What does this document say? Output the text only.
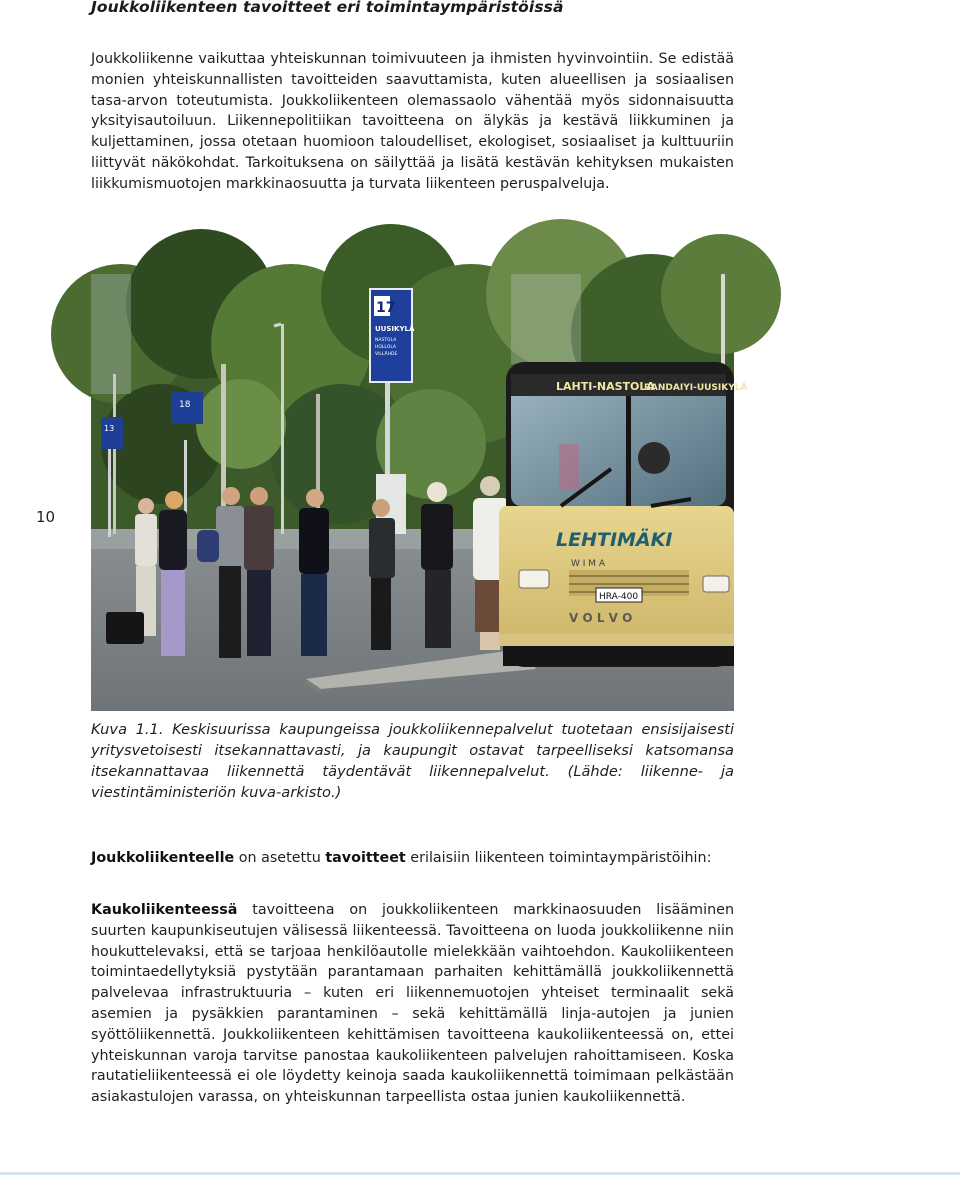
Joukkoliikenteen tavoitteet eri toimintaympäristöissä

Joukkoliikenne vaikuttaa yhteiskunnan toimivuuteen ja ihmisten hyvinvointiin. Se edistää monien yhteiskunnallisten tavoitteiden saavuttamista, kuten alueellisen ja sosiaalisen tasa-arvon toteutumista. Joukkoliikenteen olemassaolo vähentää myös sidonnaisuutta yksityisautoiluun. Liikennepolitiikan tavoitteena on älykäs ja kestävä liikkuminen ja kuljettaminen, jossa otetaan huomioon taloudelliset, ekologiset, sosiaaliset ja kulttuuriin liittyvät näkökohdat. Tarkoituksena on säilyttää ja lisätä kestävän kehityksen mukaisten liikkumismuotojen markkinaosuutta ja turvata liikenteen peruspalveluja.

10
18
13
17
UUSIKYLÄ
NASTOLA
HOLLOLA
VILLÄHDE
LAHTI-NASTOLA
RANDAIYI-UUSIKYLÄ
LEHTIMÄKI
W I M A
HRA-400
V O L V O

Kuva 1.1. Keskisuurissa kaupungeissa joukkoliikennepalvelut tuotetaan ensisijaisesti yritysvetoisesti itsekannattavasti, ja kaupungit ostavat tarpeelliseksi katsomansa itsekannattavaa liikennettä täydentävät liikennepalvelut. (Lähde: liikenne- ja viestintäministeriön kuva-arkisto.)

Joukkoliikenteelle on asetettu tavoitteet erilaisiin liikenteen toimintaympäristöihin:

Kaukoliikenteessä tavoitteena on joukkoliikenteen markkinaosuuden lisääminen suurten kaupunkiseutujen välisessä liikenteessä. Tavoitteena on luoda joukkoliikenne niin houkuttelevaksi, että se tarjoaa henkilöautolle mielekkään vaihtoehdon. Kaukoliikenteen toimintaedellytyksiä pystytään parantamaan parhaiten kehittämällä joukkoliikennettä palvelevaa infrastruktuuria – kuten eri liikennemuotojen yhteiset terminaalit sekä asemien ja pysäkkien parantaminen – sekä kehittämällä linja-autojen ja junien syöttöliikennettä. Joukkoliikenteen kehittämisen tavoitteena kaukoliikenteessä on, ettei yhteiskunnan varoja tarvitse panostaa kaukoliikenteen palvelujen rahoittamiseen. Koska rautatieliikenteessä ei ole löydetty keinoja saada kaukoliikennettä toimimaan pelkästään asiakastulojen varassa, on yhteiskunnan tarpeellista ostaa junien kaukoliikennettä.
